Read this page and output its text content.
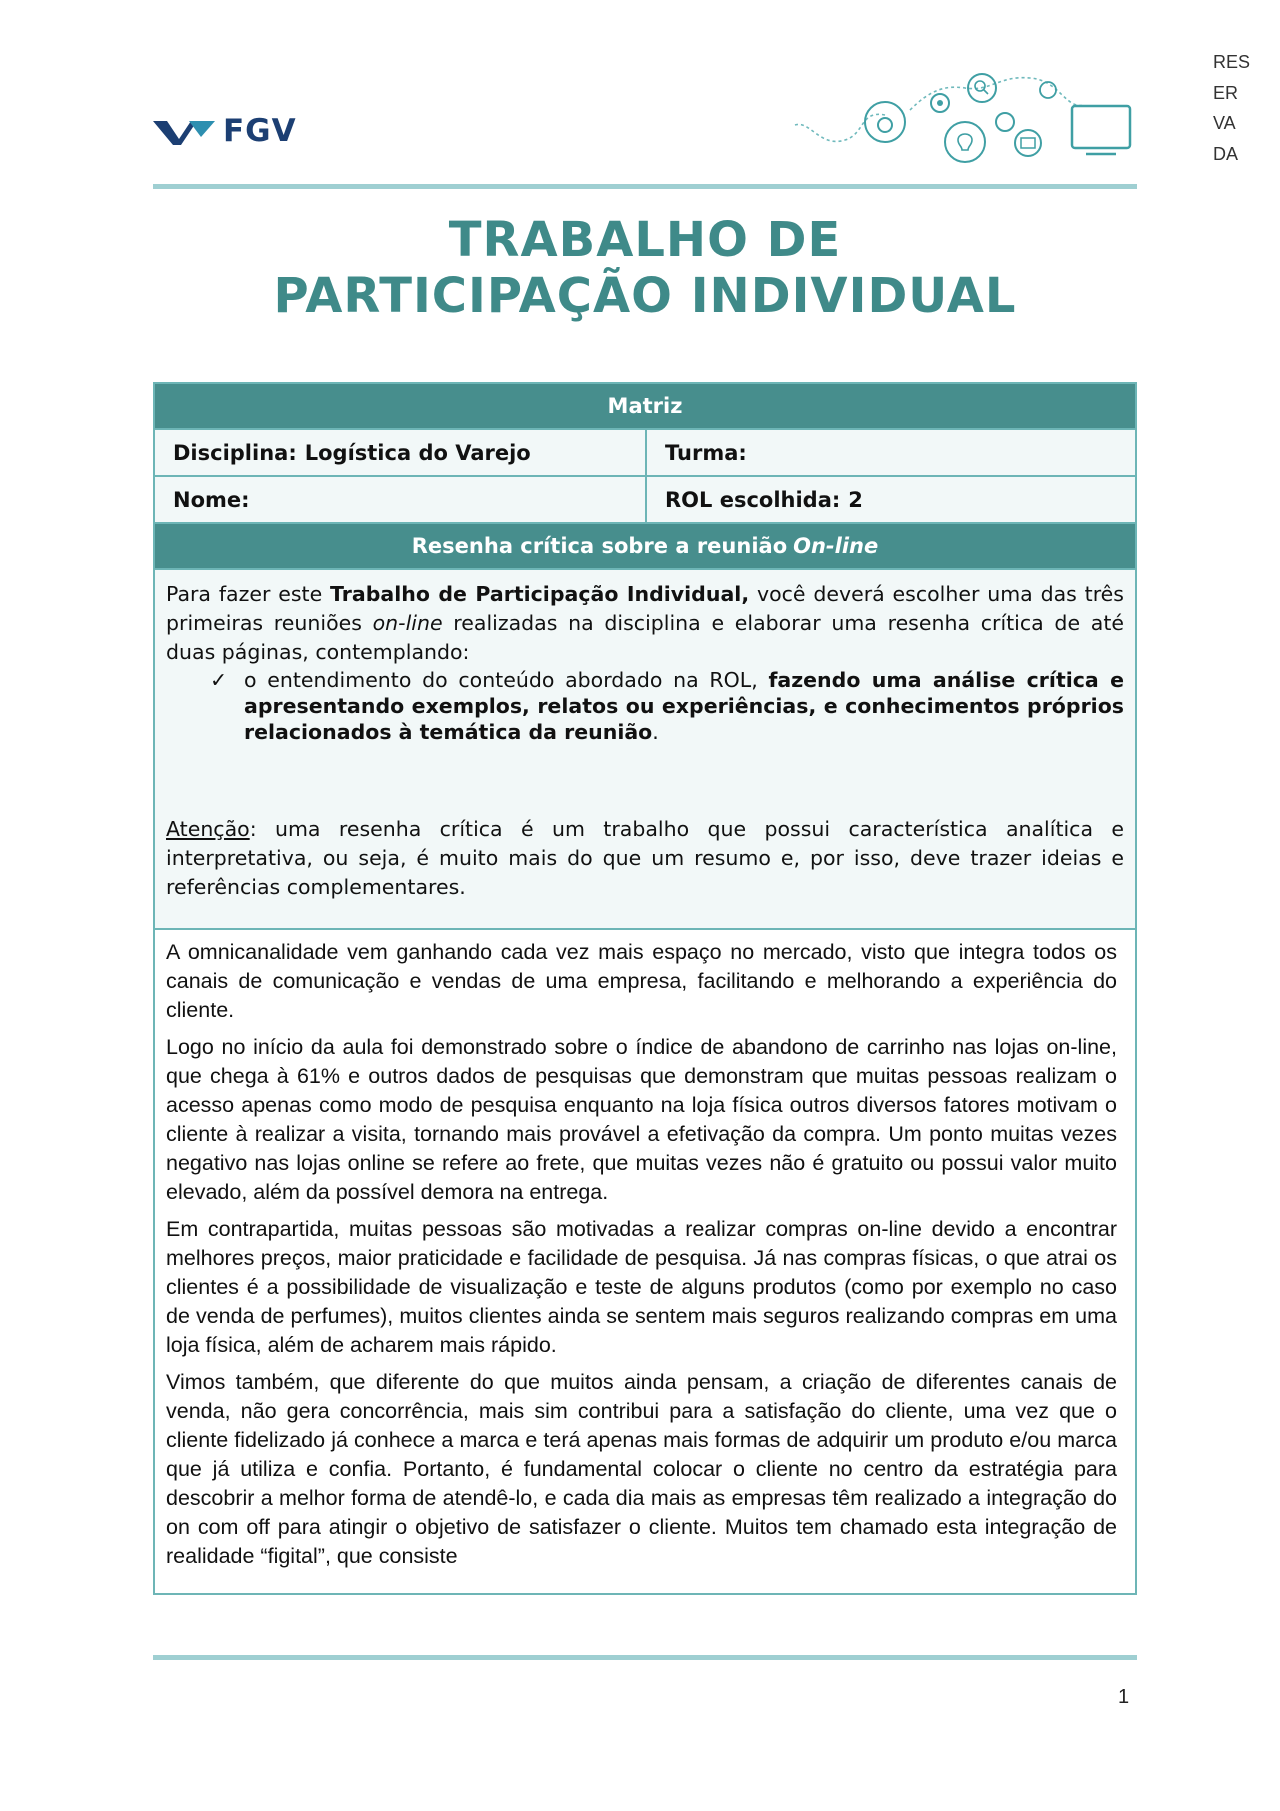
RES
ER
VA
DA
FGV
TRABALHO DE
PARTICIPAÇÃO INDIVIDUAL
Matriz
Disciplina: Logística do Varejo	Turma:
Nome:	ROL escolhida: 2
Resenha crítica sobre a reunião On-line

Para fazer este Trabalho de Participação Individual, você deverá escolher uma das três primeiras reuniões on-line realizadas na disciplina e elaborar uma resenha crítica de até duas páginas, contemplando:

✓ o entendimento do conteúdo abordado na ROL, fazendo uma análise crítica e apresentando exemplos, relatos ou experiências, e conhecimentos próprios relacionados à temática da reunião.

Atenção: uma resenha crítica é um trabalho que possui característica analítica e interpretativa, ou seja, é muito mais do que um resumo e, por isso, deve trazer ideias e referências complementares.

A omnicanalidade vem ganhando cada vez mais espaço no mercado, visto que integra todos os canais de comunicação e vendas de uma empresa, facilitando e melhorando a experiência do cliente.

Logo no início da aula foi demonstrado sobre o índice de abandono de carrinho nas lojas on-line, que chega à 61% e outros dados de pesquisas que demonstram que muitas pessoas realizam o acesso apenas como modo de pesquisa enquanto na loja física outros diversos fatores motivam o cliente à realizar a visita, tornando mais provável a efetivação da compra. Um ponto muitas vezes negativo nas lojas online se refere ao frete, que muitas vezes não é gratuito ou possui valor muito elevado, além da possível demora na entrega.

Em contrapartida, muitas pessoas são motivadas a realizar compras on-line devido a encontrar melhores preços, maior praticidade e facilidade de pesquisa. Já nas compras físicas, o que atrai os clientes é a possibilidade de visualização e teste de alguns produtos (como por exemplo no caso de venda de perfumes), muitos clientes ainda se sentem mais seguros realizando compras em uma loja física, além de acharem mais rápido.

Vimos também, que diferente do que muitos ainda pensam, a criação de diferentes canais de venda, não gera concorrência, mais sim contribui para a satisfação do cliente, uma vez que o cliente fidelizado já conhece a marca e terá apenas mais formas de adquirir um produto e/ou marca que já utiliza e confia. Portanto, é fundamental colocar o cliente no centro da estratégia para descobrir a melhor forma de atendê-lo, e cada dia mais as empresas têm realizado a integração do on com off para atingir o objetivo de satisfazer o cliente. Muitos tem chamado esta integração de realidade “figital”, que consiste

1
